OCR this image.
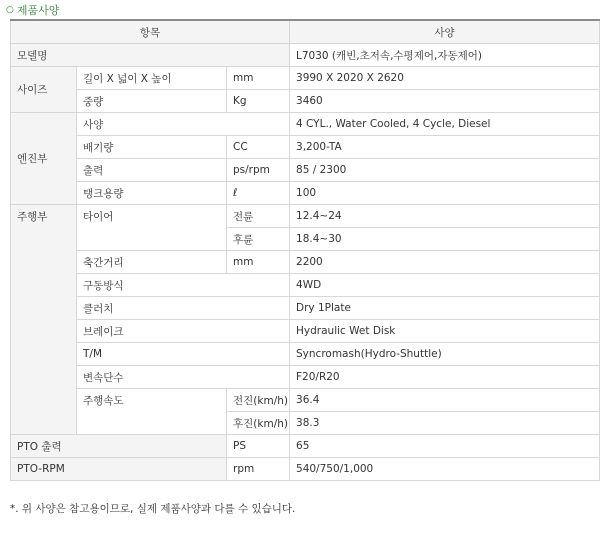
○ 제품사양
항목			사양
모델명			L7030 (캐빈,초저속,수평제어,자동제어)
사이즈	길이 X 넓이 X 높이	mm	3990 X 2020 X 2620
	중량	Kg	3460
엔진부	사양		4 CYL., Water Cooled, 4 Cycle, Diesel
	배기량	CC	3,200-TA
	출력	ps/rpm	85 / 2300
	탱크용량	ℓ	100
주행부	타이어	전륜	12.4~24
		후륜	18.4~30
	축간거리	mm	2200
	구동방식		4WD
	클러치		Dry 1Plate
	브레이크		Hydraulic Wet Disk
	T/M		Syncromash(Hydro-Shuttle)
	변속단수		F20/R20
	주행속도	전진(km/h)	36.4
		후진(km/h)	38.3
PTO 출력		PS	65
PTO-RPM		rpm	540/750/1,000
*. 위 사양은 참고용이므로, 실제 제품사양과 다를 수 있습니다.
